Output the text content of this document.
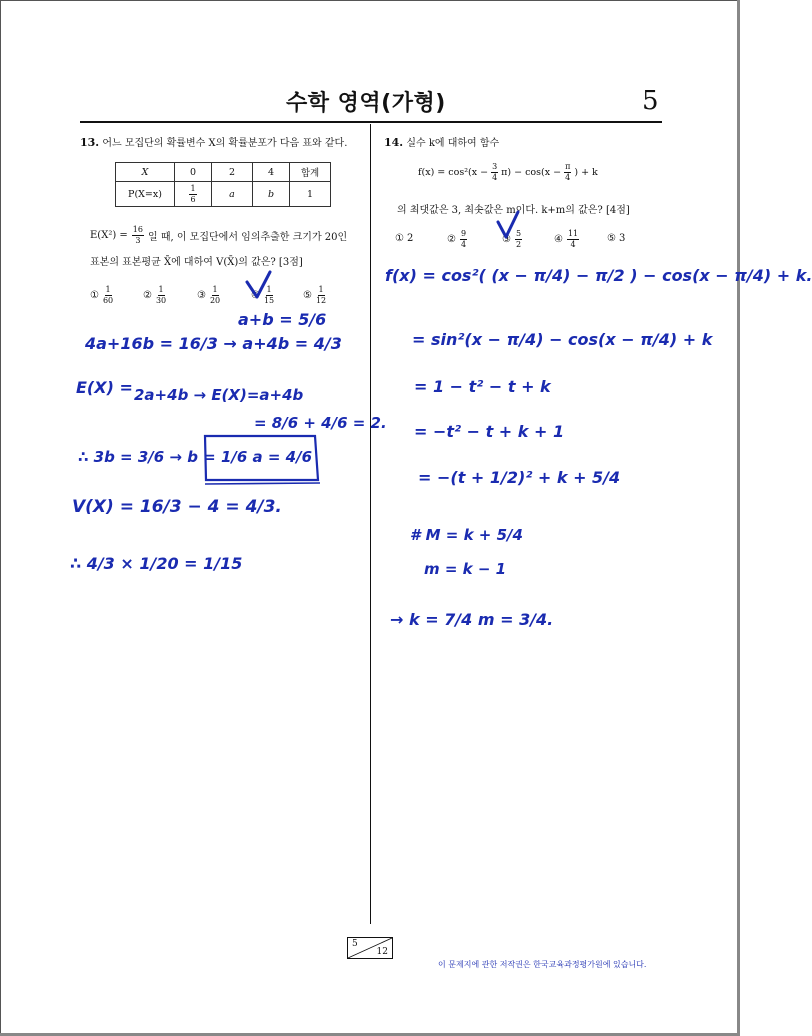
수학 영역(가형)	5
13. 어느 모집단의 확률변수 X의 확률분포가 다음 표와 같다.
X	0	2	4	합계
P(X=x)	$\frac{1}{6}$	a	b	1
$E(X^2) = \frac{16}{3}$ 일 때, 이 모집단에서 임의추출한 크기가 20인
표본의 표본평균 X̄에 대하여 V(X̄)의 값은? [3점]
① $\frac{1}{60}$	② $\frac{1}{30}$	③ $\frac{1}{20}$	④ $\frac{1}{15}$	⑤ $\frac{1}{12}$
14. 실수 k에 대하여 함수
$f(x) = \cos^2(x - \frac{3}{4} \pi) - \cos(x - \frac{\pi}{4}$ ) + k
의 최댓값은 3, 최솟값은 m이다. k+m의 값은? [4점]
① 2	② $\frac{9}{4}$	③ $\frac{5}{2}$	④ $\frac{11}{4}$	⑤ 3
a+b = 5/6
4a+16b = 16/3 → a+4b = 4/3
E(X) = 2a+4b → E(X)=a+4b
= 8/6 + 4/6 = 2.
∴ 3b = 3/6 → b = 1/6 a = 4/6
V(X) = 16/3 − 4 = 4/3.
∴ 4/3 × 1/20 = 1/15
f(x) = cos²( (x − π/4) − π/2 ) − cos(x − π/4) + k.
= sin²(x − π/4) − cos(x − π/4) + k
= 1 − t² − t + k
= −t² − t + k + 1
= −(t + 1/2)² + k + 5/4
# M = k + 5/4
m = k − 1
→ k = 7/4 m = 3/4.
5
12
이 문제지에 관한 저작권은 한국교육과정평가원에 있습니다.
